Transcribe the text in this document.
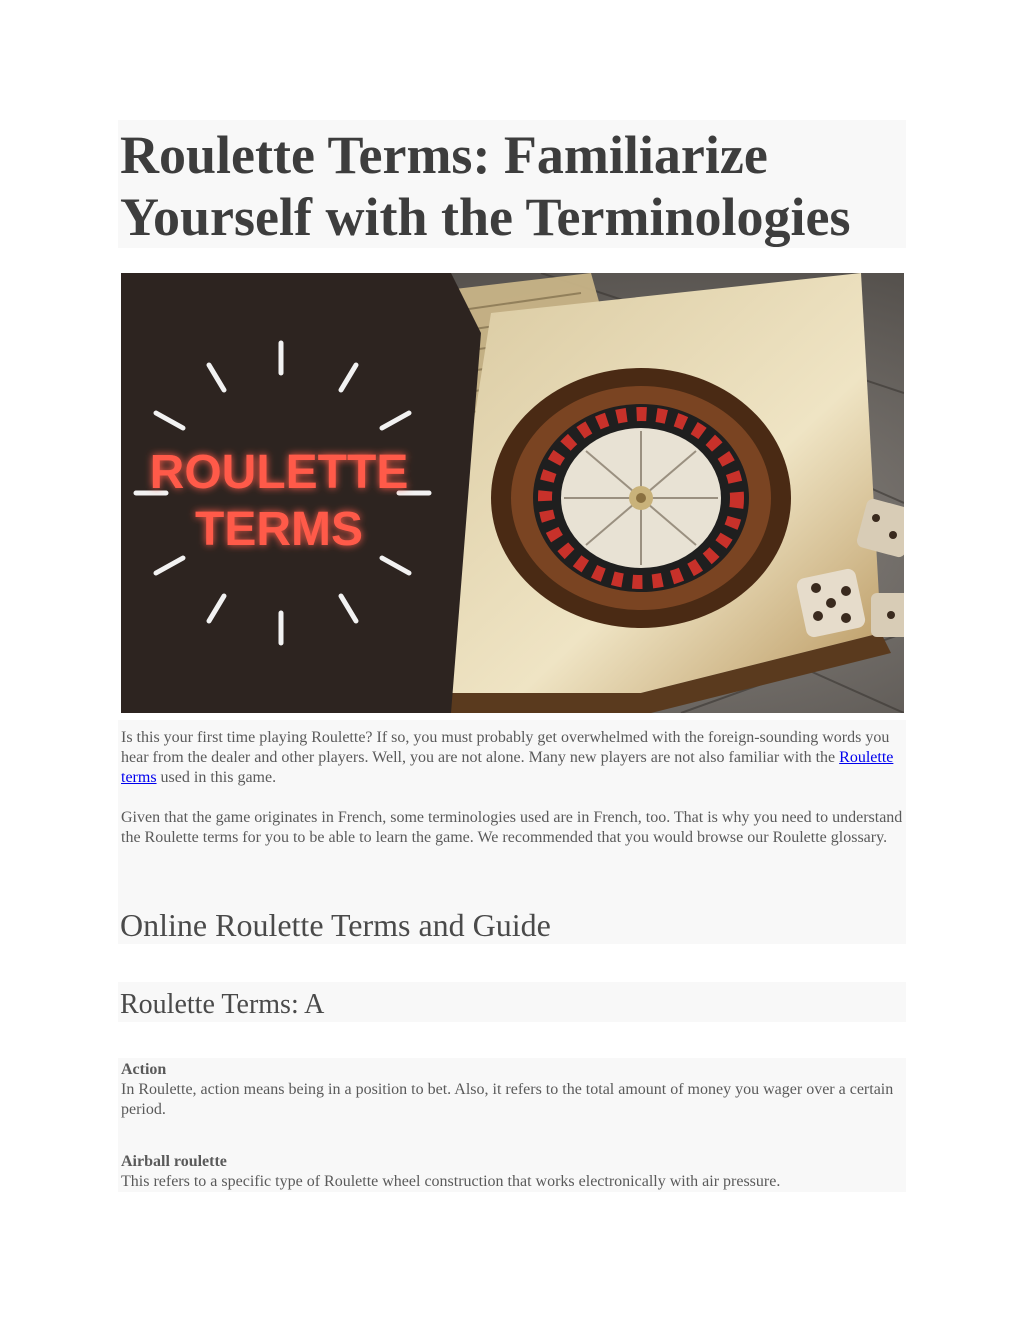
Roulette Terms: Familiarize Yourself with the Terminologies
ROULETTE
TERMS

Is this your first time playing Roulette? If so, you must probably get overwhelmed with the foreign-sounding words you hear from the dealer and other players. Well, you are not alone. Many new players are not also familiar with the Roulette terms used in this game.

Given that the game originates in French, some terminologies used are in French, too. That is why you need to understand the Roulette terms for you to be able to learn the game. We recommended that you would browse our Roulette glossary.

Online Roulette Terms and Guide
Roulette Terms: A
Action
In Roulette, action means being in a position to bet. Also, it refers to the total amount of money you wager over a certain period.
Airball roulette
This refers to a specific type of Roulette wheel construction that works electronically with air pressure.
